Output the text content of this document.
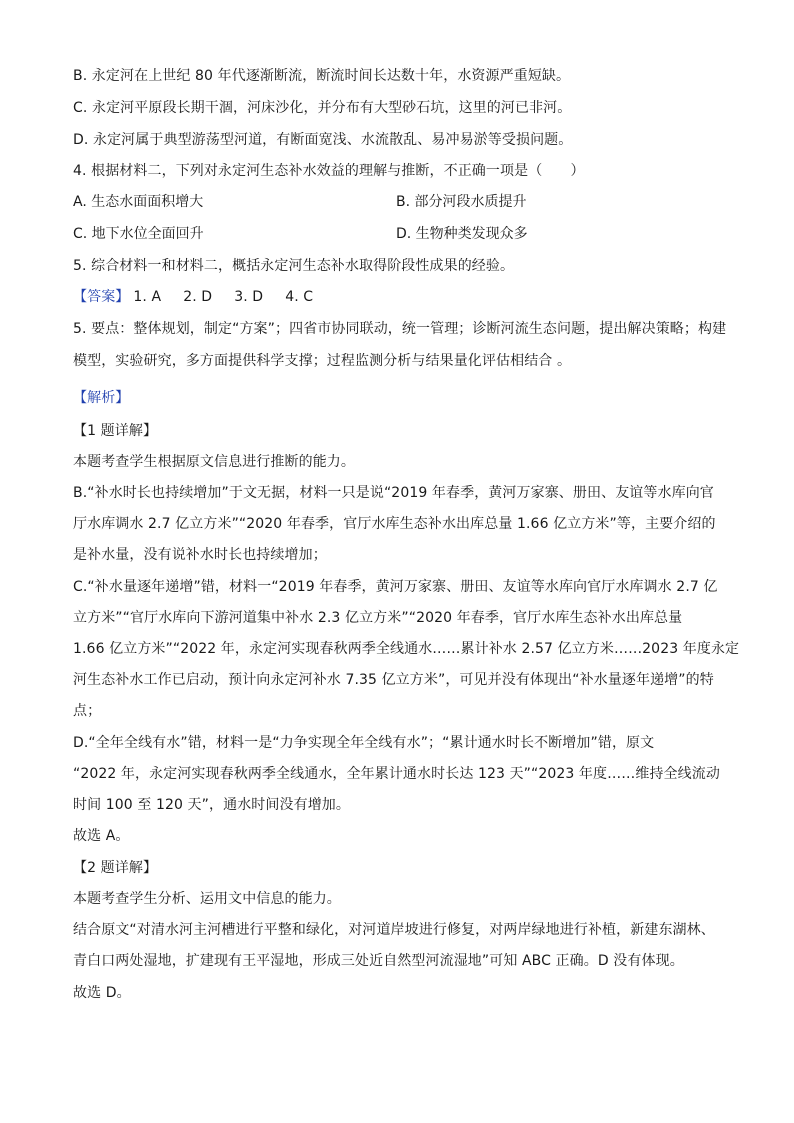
B. 永定河在上世纪 80 年代逐渐断流，断流时间长达数十年，水资源严重短缺。
C. 永定河平原段长期干涸，河床沙化，并分布有大型砂石坑，这里的河已非河。
D. 永定河属于典型游荡型河道，有断面宽浅、水流散乱、易冲易淤等受损问题。
4. 根据材料二，下列对永定河生态补水效益的理解与推断，不正确一项是（　　）
A. 生态水面面积增大	B. 部分河段水质提升
C. 地下水位全面回升	D. 生物种类发现众多
5. 综合材料一和材料二，概括永定河生态补水取得阶段性成果的经验。
【答案】 1. A 2. D 3. D 4. C
5. 要点：整体规划，制定“方案”；四省市协同联动，统一管理；诊断河流生态问题，提出解决策略；构建
模型，实验研究，多方面提供科学支撑；过程监测分析与结果量化评估相结合 。
【解析】
【1 题详解】
本题考查学生根据原文信息进行推断的能力。
B.“补水时长也持续增加”于文无据，材料一只是说“2019 年春季，黄河万家寨、册田、友谊等水库向官
厅水库调水 2.7 亿立方米”“2020 年春季，官厅水库生态补水出库总量 1.66 亿立方米”等，主要介绍的
是补水量，没有说补水时长也持续增加；
C.“补水量逐年递增”错，材料一“2019 年春季，黄河万家寨、册田、友谊等水库向官厅水库调水 2.7 亿
立方米”“官厅水库向下游河道集中补水 2.3 亿立方米”“2020 年春季，官厅水库生态补水出库总量
1.66 亿立方米”“2022 年，永定河实现春秋两季全线通水……累计补水 2.57 亿立方米……2023 年度永定
河生态补水工作已启动，预计向永定河补水 7.35 亿立方米”，可见并没有体现出“补水量逐年递增”的特
点；
D.“全年全线有水”错，材料一是“力争实现全年全线有水”；“累计通水时长不断增加”错，原文
“2022 年，永定河实现春秋两季全线通水，全年累计通水时长达 123 天”“2023 年度……维持全线流动
时间 100 至 120 天”，通水时间没有增加。
故选 A。
【2 题详解】
本题考查学生分析、运用文中信息的能力。
结合原文“对清水河主河槽进行平整和绿化，对河道岸坡进行修复，对两岸绿地进行补植，新建东湖林、
青白口两处湿地，扩建现有王平湿地，形成三处近自然型河流湿地”可知 ABC 正确。D 没有体现。
故选 D。
